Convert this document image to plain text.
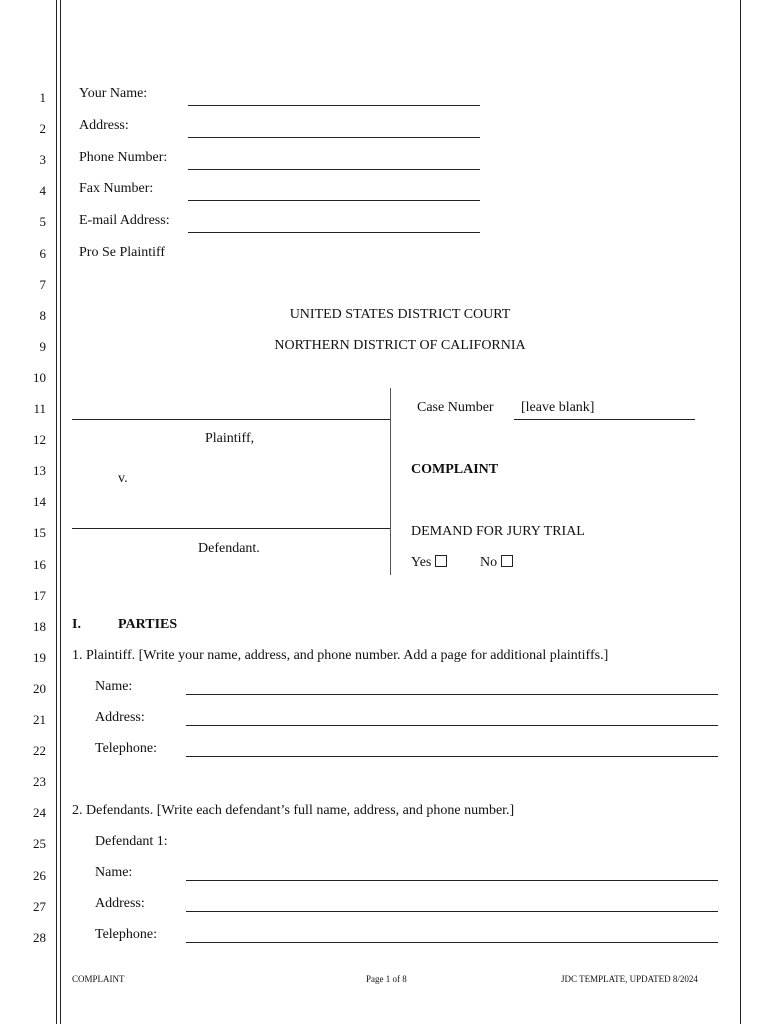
1
2
3
4
5
6
7
8
9
10
11
12
13
14
15
16
17
18
19
20
21
22
23
24
25
26
27
28
Your Name:
Address:
Phone Number:
Fax Number:
E-mail Address:
Pro Se Plaintiff
UNITED STATES DISTRICT COURT
NORTHERN DISTRICT OF CALIFORNIA
Plaintiff,
v.
Defendant.
Case Number [leave blank]
COMPLAINT
DEMAND FOR JURY TRIAL
Yes	No
I.	PARTIES
1. Plaintiff. [Write your name, address, and phone number. Add a page for additional plaintiffs.]
Name:
Address:
Telephone:
2. Defendants. [Write each defendant’s full name, address, and phone number.]
Defendant 1:
Name:
Address:
Telephone:
COMPLAINT	Page 1 of 8	JDC TEMPLATE, UPDATED 8/2024
